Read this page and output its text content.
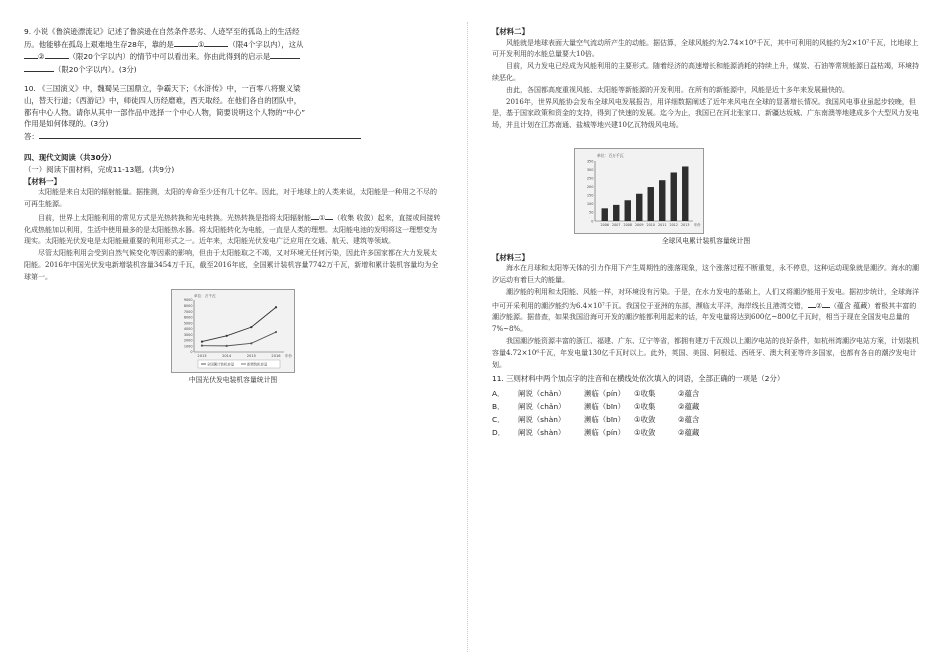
9. 小说《鲁滨逊漂流记》记述了鲁滨逊在自然条件恶劣、人迹罕至的孤岛上的生活经

历。他能够在孤岛上艰难地生存28年，靠的是	①	（限4个字以内），这从

②	（限20个字以内）的情节中可以看出来。你由此得到的启示是

（限20个字以内）。(3分)

10. 《三国演义》中，魏蜀吴三国鼎立，争霸天下；《水浒传》中，一百零八将聚义梁

山，替天行道；《西游记》中，师徒四人历经磨难，西天取经。在他们各自的团队中，

都有中心人物。请你从其中一部作品中选择一个中心人物，简要说明这个人物的“中心”

作用是如何体现的。(3分)

答：

四、现代文阅读（共30分）

（一）阅读下面材料，完成11-13题。(共9分)

【材料一】

太阳能是来自太阳的辐射能量。据推测，太阳的寿命至少还有几十亿年。因此，对于地球上的人类来说，太阳能是一种用之不尽的可再生能源。

目前，世界上太阳能利用的常见方式是光热转换和光电转换。光热转换是指将太阳辐射能 ① （收集 收敛）起来，直接或间接转化成热能加以利用，生活中使用最多的是太阳能热水器。将太阳能转化为电能，一直是人类的理想。太阳能电池的发明将这一理想变为现实。太阳能光伏发电是太阳能最重要的利用形式之一。近年来，太阳能光伏发电广泛应用在交通、航天、建筑等领域。

尽管太阳能利用会受到自然气候变化等因素的影响，但由于太阳能取之不竭，又对环境无任何污染，因此许多国家都在大力发展太阳能。2016年中国光伏发电新增装机容量3454万千瓦，截至2016年底，全国累计装机容量7742万千瓦，新增和累计装机容量均为全球第一。

单位：万千瓦
0
1000
2000
3000
4000
5000
6000
7000
8000
9000
2013	2014	2015	2016 年份
全国累计装机容量	新增装机容量

中国光伏发电装机容量统计图

【材料二】

风能就是地球表面大量空气流动所产生的动能。据估算，全球风能约为2.74×10⁹千瓦，其中可利用的风能约为2×10⁷千瓦，比地球上可开发利用的水能总量要大10倍。

目前，风力发电已经成为风能利用的主要形式。随着经济的高速增长和能源消耗的持续上升，煤炭、石油等常规能源日益枯竭，环境持续恶化。

由此，各国都高度重视风能、太阳能等新能源的开发利用。在所有的新能源中，风能是近十多年来发展最快的。

2016年，世界风能协会发布全球风电发展报告，用详细数据阐述了近年来风电在全球的显著增长情况。我国风电事业虽起步较晚，但是，基于国家政策和资金的支持，得到了快速的发展。迄今为止，我国已在河北张家口、新疆达坂城、广东南澳等地建成多个大型风力发电场，并且计划在江苏南通、盐城等地兴建10亿瓦特级风电场。

单位：百万千瓦
0
50
100
150
200
250
300
350
2006 2007 2008 2009 2010 2011 2012 2013 年份

全球风电累计装机容量统计图

【材料三】

海水在月球和太阳等天体的引力作用下产生周期性的涨落现象，这个涨落过程不断重复，永不停息，这种运动现象就是潮汐。海水的潮汐运动有着巨大的能量。

潮汐能的利用和太阳能、风能一样，对环境没有污染。于是，在水力发电的基础上，人们又将潮汐能用于发电。据初步统计，全球海洋中可开采利用的潮汐能约为6.4×10⁷千瓦。我国位于亚洲的东部，濒临太平洋，海岸线长且港湾交错， ② （蕴含 蕴藏）着极其丰富的潮汐能源。据普查，如果我国沿海可开发的潮汐能都利用起来的话，年发电量将达到600亿~800亿千瓦时，相当于现在全国发电总量的7%~8%。

我国潮汐能资源丰富的浙江、福建、广东、辽宁等省，都拥有建万千瓦级以上潮汐电站的良好条件，如杭州湾潮汐电站方案，计划装机容量4.72×10⁶千瓦，年发电量130亿千瓦时以上。此外，英国、美国、阿根廷、西班牙、澳大利亚等许多国家，也都有各自的潮汐发电计划。

11. 三则材料中两个加点字的注音和在横线处依次填入的词语，全部正确的一项是（2分）

A．	阐说（chǎn）	濒临（pín）	①收集	②蕴含
B．	阐说（chǎn）	濒临（bīn）	①收集	②蕴藏
C．	阐说（shàn）	濒临（bīn）	①收敛	②蕴含
D．	阐说（shàn）	濒临（pín）	①收敛	②蕴藏
